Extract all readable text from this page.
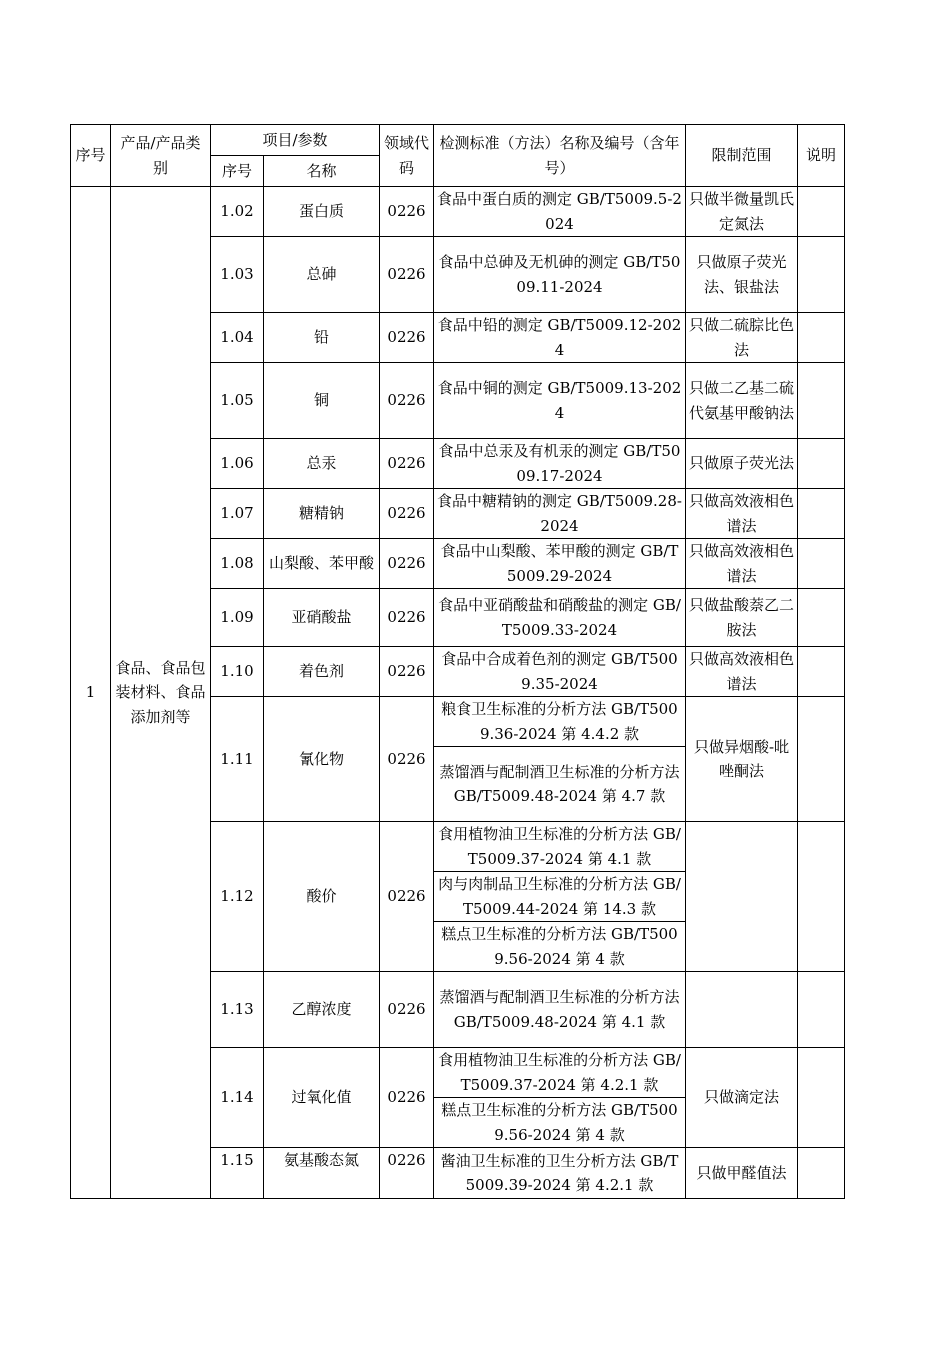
序号	产品/产品类别	项目/参数		领域代码	检测标准（方法）名称及编号（含年号）	限制范围	说明
		序号	名称				
1	食品、食品包装材料、食品添加剂等	1.02	蛋白质	0226	食品中蛋白质的测定 GB/T5009.5-2024	只做半微量凯氏定氮法	
		1.03	总砷	0226	食品中总砷及无机砷的测定 GB/T5009.11-2024	只做原子荧光法、银盐法	
		1.04	铅	0226	食品中铅的测定 GB/T5009.12-2024	只做二硫腙比色法	
		1.05	铜	0226	食品中铜的测定 GB/T5009.13-2024	只做二乙基二硫代氨基甲酸钠法	
		1.06	总汞	0226	食品中总汞及有机汞的测定 GB/T5009.17-2024	只做原子荧光法	
		1.07	糖精钠	0226	食品中糖精钠的测定 GB/T5009.28-2024	只做高效液相色谱法	
		1.08	山梨酸、苯甲酸	0226	食品中山梨酸、苯甲酸的测定 GB/T5009.29-2024	只做高效液相色谱法	
		1.09	亚硝酸盐	0226	食品中亚硝酸盐和硝酸盐的测定 GB/T5009.33-2024	只做盐酸萘乙二胺法	
		1.10	着色剂	0226	食品中合成着色剂的测定 GB/T5009.35-2024	只做高效液相色谱法	
		1.11	氰化物	0226	粮食卫生标准的分析方法 GB/T5009.36-2024 第 4.4.2 款	只做异烟酸-吡唑酮法	
					蒸馏酒与配制酒卫生标准的分析方法 GB/T5009.48-2024 第 4.7 款		
		1.12	酸价	0226	食用植物油卫生标准的分析方法 GB/T5009.37-2024 第 4.1 款		
					肉与肉制品卫生标准的分析方法 GB/T5009.44-2024 第 14.3 款		
					糕点卫生标准的分析方法 GB/T5009.56-2024 第 4 款		
		1.13	乙醇浓度	0226	蒸馏酒与配制酒卫生标准的分析方法 GB/T5009.48-2024 第 4.1 款		
		1.14	过氧化值	0226	食用植物油卫生标准的分析方法 GB/T5009.37-2024 第 4.2.1 款	只做滴定法	
					糕点卫生标准的分析方法 GB/T5009.56-2024 第 4 款		
		1.15	氨基酸态氮	0226	酱油卫生标准的卫生分析方法 GB/T5009.39-2024 第 4.2.1 款	只做甲醛值法	
